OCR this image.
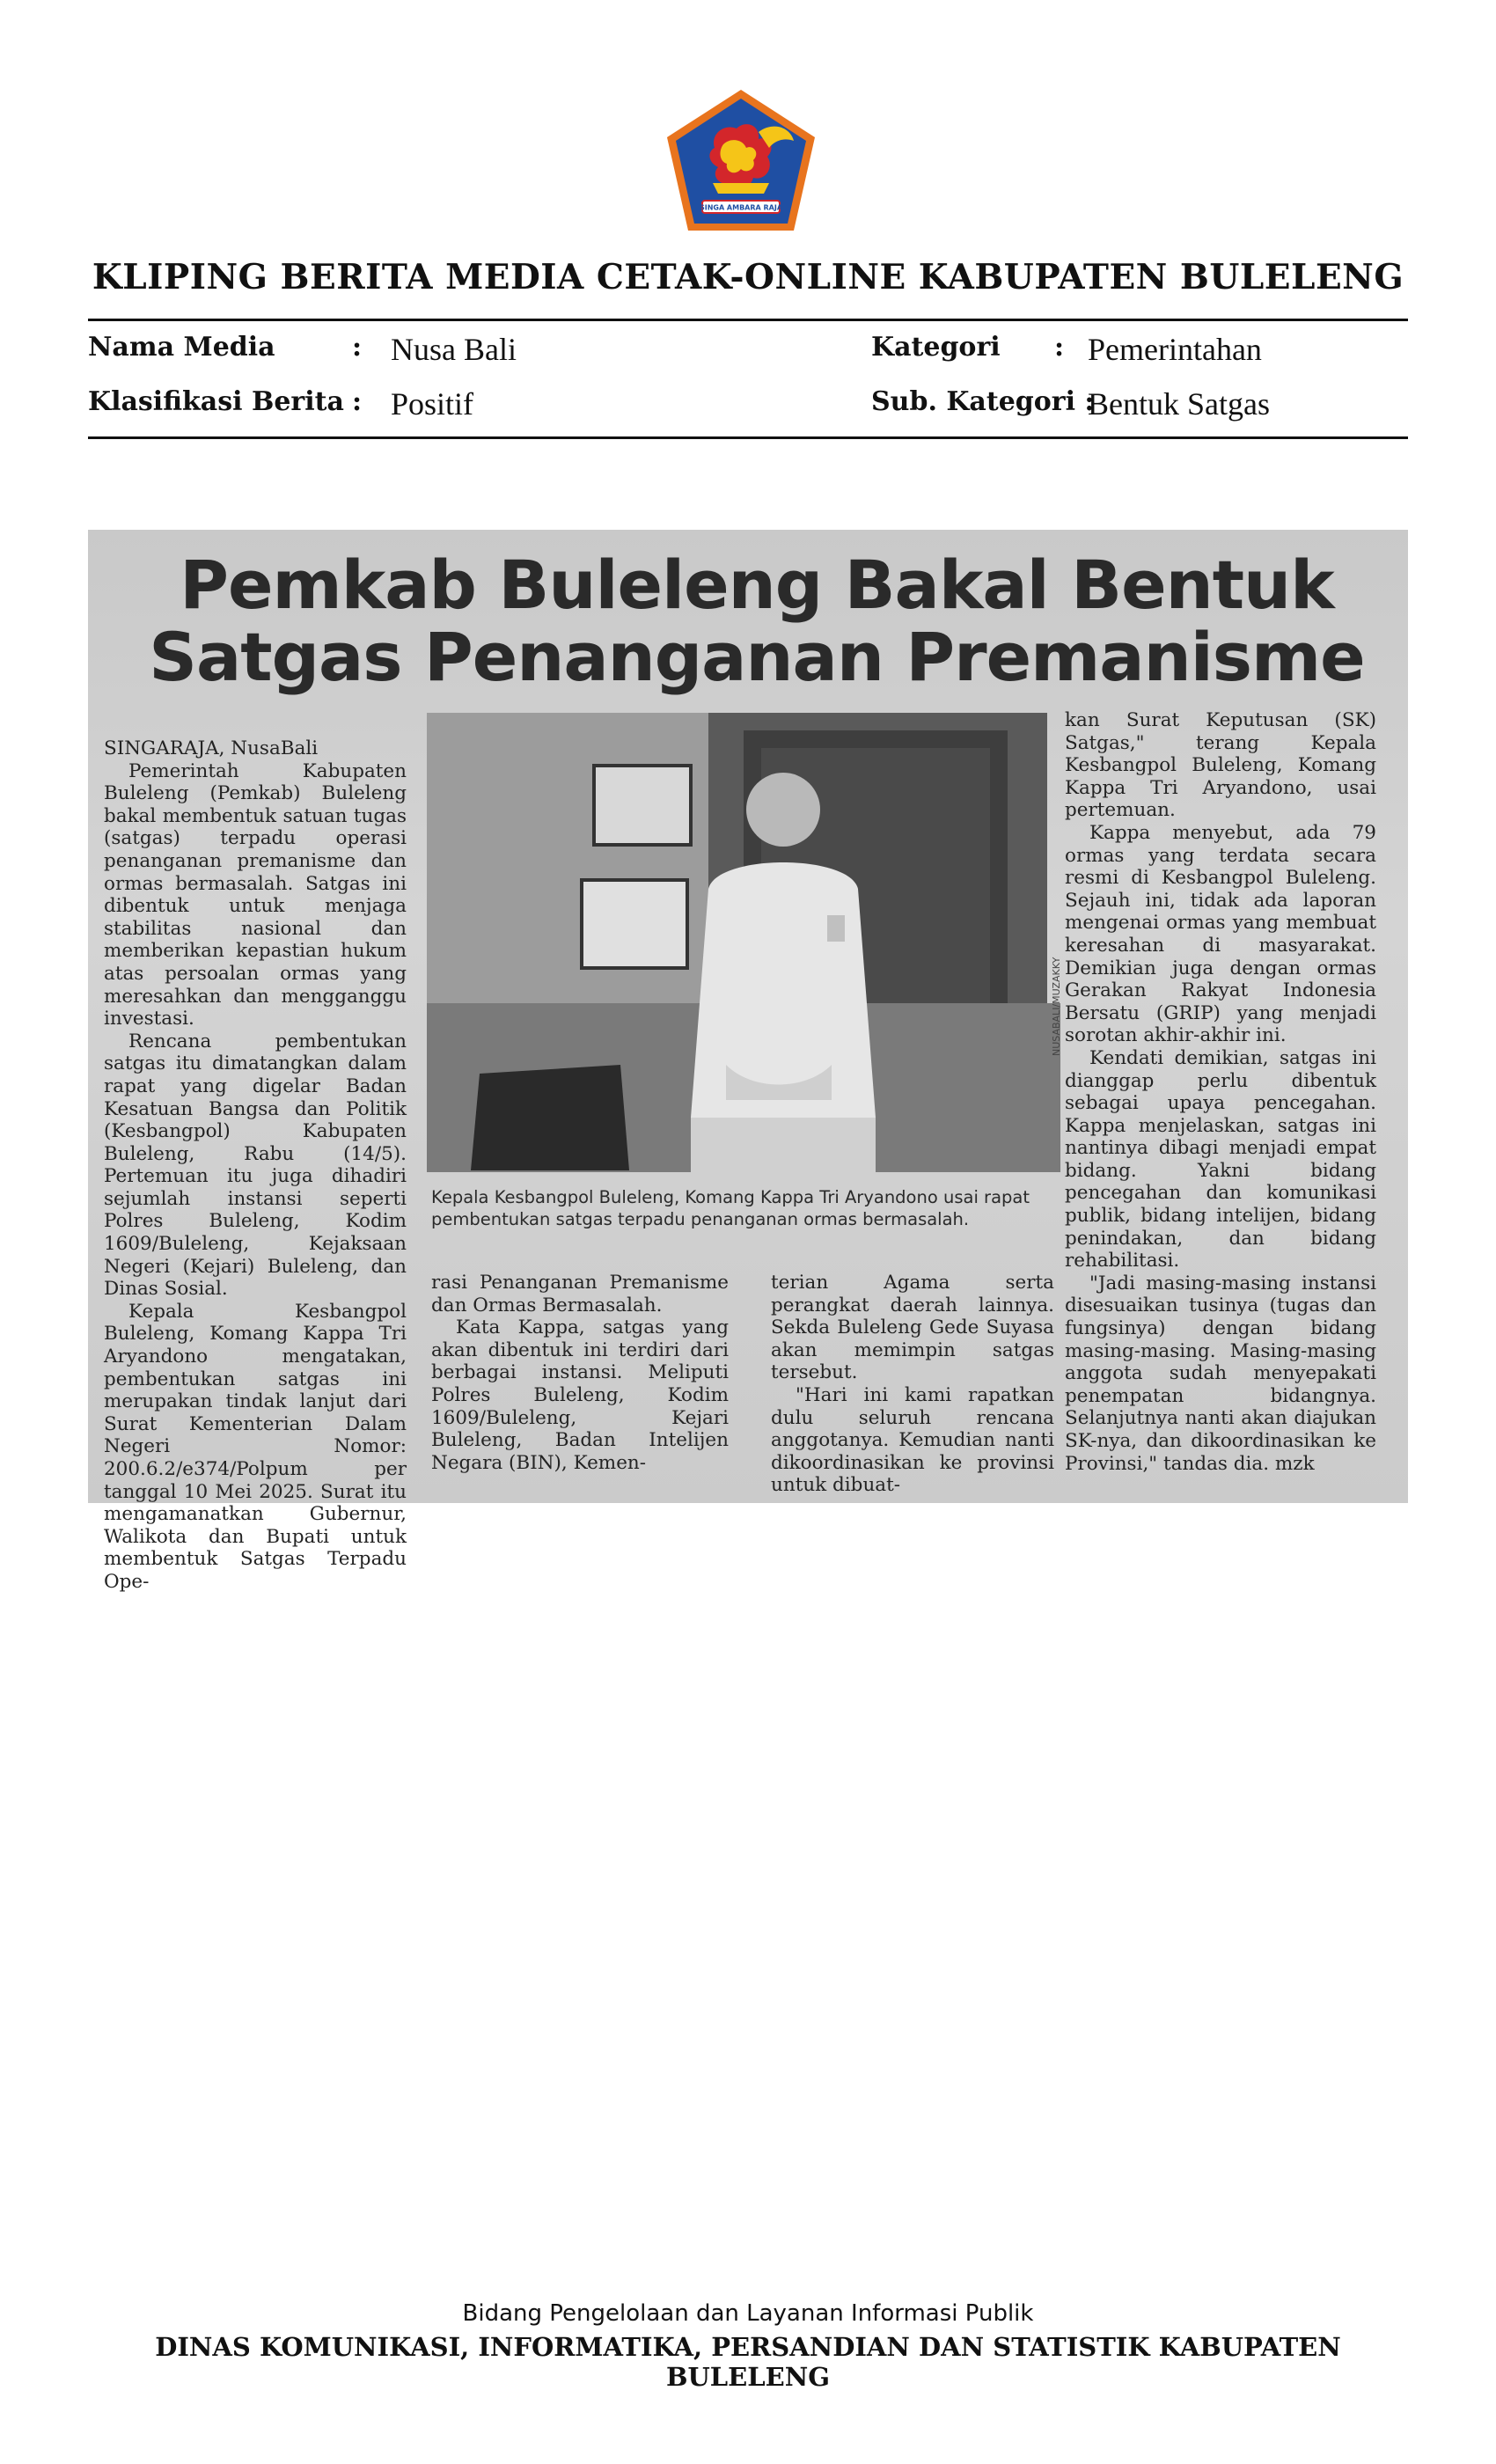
SINGA AMBARA RAJA
KLIPING BERITA MEDIA CETAK-ONLINE KABUPATEN BULELENG
Nama Media	: Nusa Bali	Kategori : Pemerintahan
Klasifikasi Berita : Positif	Sub. Kategori :
Bentuk Satgas
Pemkab Buleleng Bakal Bentuk
Satgas Penanganan Premanisme

SINGARAJA, NusaBali

Pemerintah Kabupaten Buleleng (Pemkab) Buleleng bakal membentuk satuan tugas (satgas) terpadu operasi penanganan premanisme dan ormas bermasalah. Satgas ini dibentuk untuk menjaga stabilitas nasional dan memberikan kepastian hukum atas persoalan ormas yang meresahkan dan mengganggu investasi.

Rencana pembentukan satgas itu dimatangkan dalam rapat yang digelar Badan Kesatuan Bangsa dan Politik (Kesbangpol) Kabupaten Buleleng, Rabu (14/5). Pertemuan itu juga dihadiri sejumlah instansi seperti Polres Buleleng, Kodim 1609/Buleleng, Kejaksaan Negeri (Kejari) Buleleng, dan Dinas Sosial.

Kepala Kesbangpol Buleleng, Komang Kappa Tri Aryandono mengatakan, pembentukan satgas ini merupakan tindak lanjut dari Surat Kementerian Dalam Negeri Nomor: 200.6.2/e374/Polpum per tanggal 10 Mei 2025. Surat itu mengamanatkan Gubernur, Walikota dan Bupati untuk membentuk Satgas Terpadu Ope-

NUSABALI/MUZAKKY
Kepala Kesbangpol Buleleng, Komang Kappa Tri Aryandono usai rapat pembentukan satgas terpadu penanganan ormas bermasalah.

rasi Penanganan Premanisme dan Ormas Bermasalah.

Kata Kappa, satgas yang akan dibentuk ini terdiri dari berbagai instansi. Meliputi Polres Buleleng, Kodim 1609/Buleleng, Kejari Buleleng, Badan Intelijen Negara (BIN), Kemen-

terian Agama serta perangkat daerah lainnya. Sekda Buleleng Gede Suyasa akan memimpin satgas tersebut.

"Hari ini kami rapatkan dulu seluruh rencana anggotanya. Kemudian nanti dikoordinasikan ke provinsi untuk dibuat-

kan Surat Keputusan (SK) Satgas," terang Kepala Kesbangpol Buleleng, Komang Kappa Tri Aryandono, usai pertemuan.

Kappa menyebut, ada 79 ormas yang terdata secara resmi di Kesbangpol Buleleng. Sejauh ini, tidak ada laporan mengenai ormas yang membuat keresahan di masyarakat. Demikian juga dengan ormas Gerakan Rakyat Indonesia Bersatu (GRIP) yang menjadi sorotan akhir-akhir ini.

Kendati demikian, satgas ini dianggap perlu dibentuk sebagai upaya pencegahan. Kappa menjelaskan, satgas ini nantinya dibagi menjadi empat bidang. Yakni bidang pencegahan dan komunikasi publik, bidang intelijen, bidang penindakan, dan bidang rehabilitasi.

"Jadi masing-masing instansi disesuaikan tusinya (tugas dan fungsinya) dengan bidang masing-masing. Masing-masing anggota sudah menyepakati penempatan bidangnya. Selanjutnya nanti akan diajukan SK-nya, dan dikoordinasikan ke Provinsi," tandas dia. mzk

Bidang Pengelolaan dan Layanan Informasi Publik
DINAS KOMUNIKASI, INFORMATIKA, PERSANDIAN DAN STATISTIK KABUPATEN BULELENG
